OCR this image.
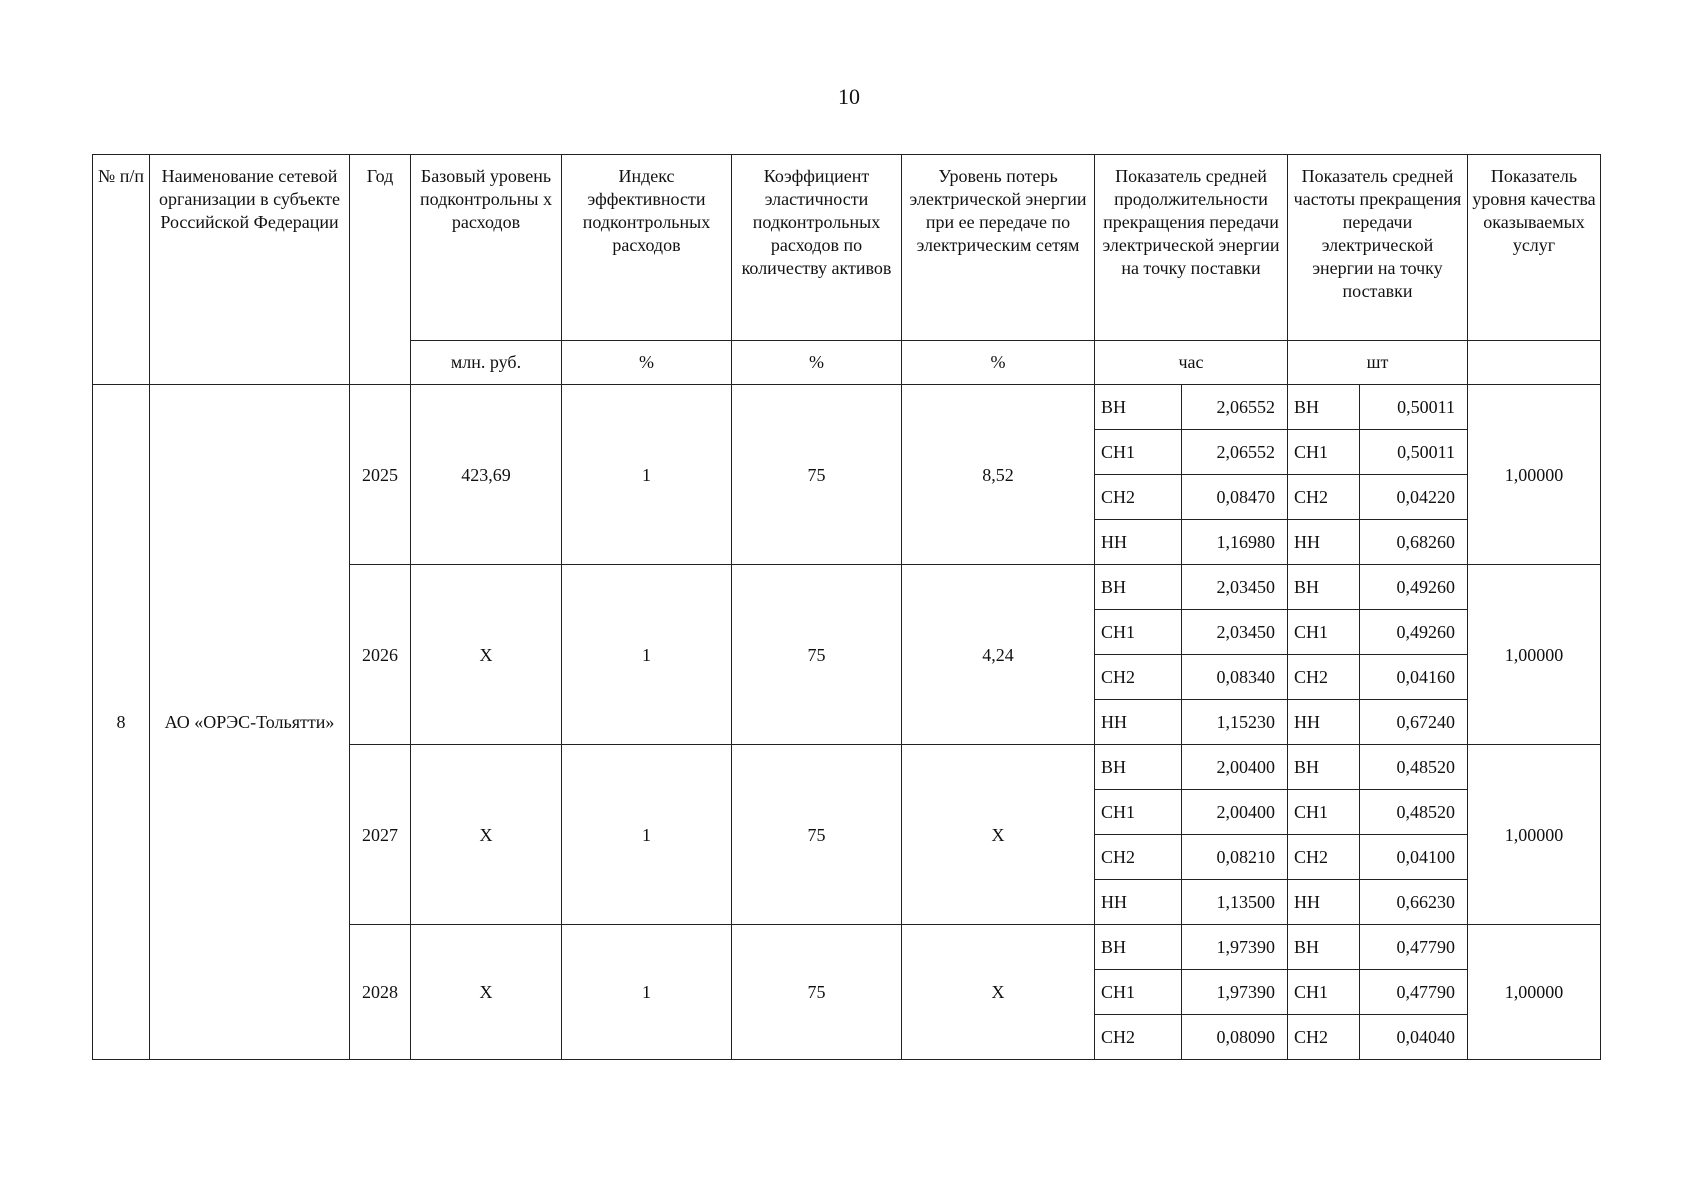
10
№ п/п	Наименование сетевой организации в субъекте Российской Федерации	Год	Базовый уровень подконтрольны х расходов	Индекс эффективности подконтрольных расходов	Коэффициент эластичности подконтрольных расходов по количеству активов	Уровень потерь электрической энергии при ее передаче по электрическим сетям	Показатель средней продолжительности прекращения передачи электрической энергии на точку поставки		Показатель средней частоты прекращения передачи электрической энергии на точку поставки		Показатель уровня качества оказываемых услуг
			млн. руб.	%	%	%	час		шт		
8	АО «ОРЭС-Тольятти»	2025	423,69	1	75	8,52	ВН	2,06552	ВН	0,50011	1,00000
							СН1	2,06552	СН1	0,50011	
							СН2	0,08470	СН2	0,04220	
							НН	1,16980	НН	0,68260	
		2026	X	1	75	4,24	ВН	2,03450	ВН	0,49260	1,00000
							СН1	2,03450	СН1	0,49260	
							СН2	0,08340	СН2	0,04160	
							НН	1,15230	НН	0,67240	
		2027	X	1	75	X	ВН	2,00400	ВН	0,48520	1,00000
							СН1	2,00400	СН1	0,48520	
							СН2	0,08210	СН2	0,04100	
							НН	1,13500	НН	0,66230	
		2028	X	1	75	X	ВН	1,97390	ВН	0,47790	1,00000
							СН1	1,97390	СН1	0,47790	
							СН2	0,08090	СН2	0,04040	
